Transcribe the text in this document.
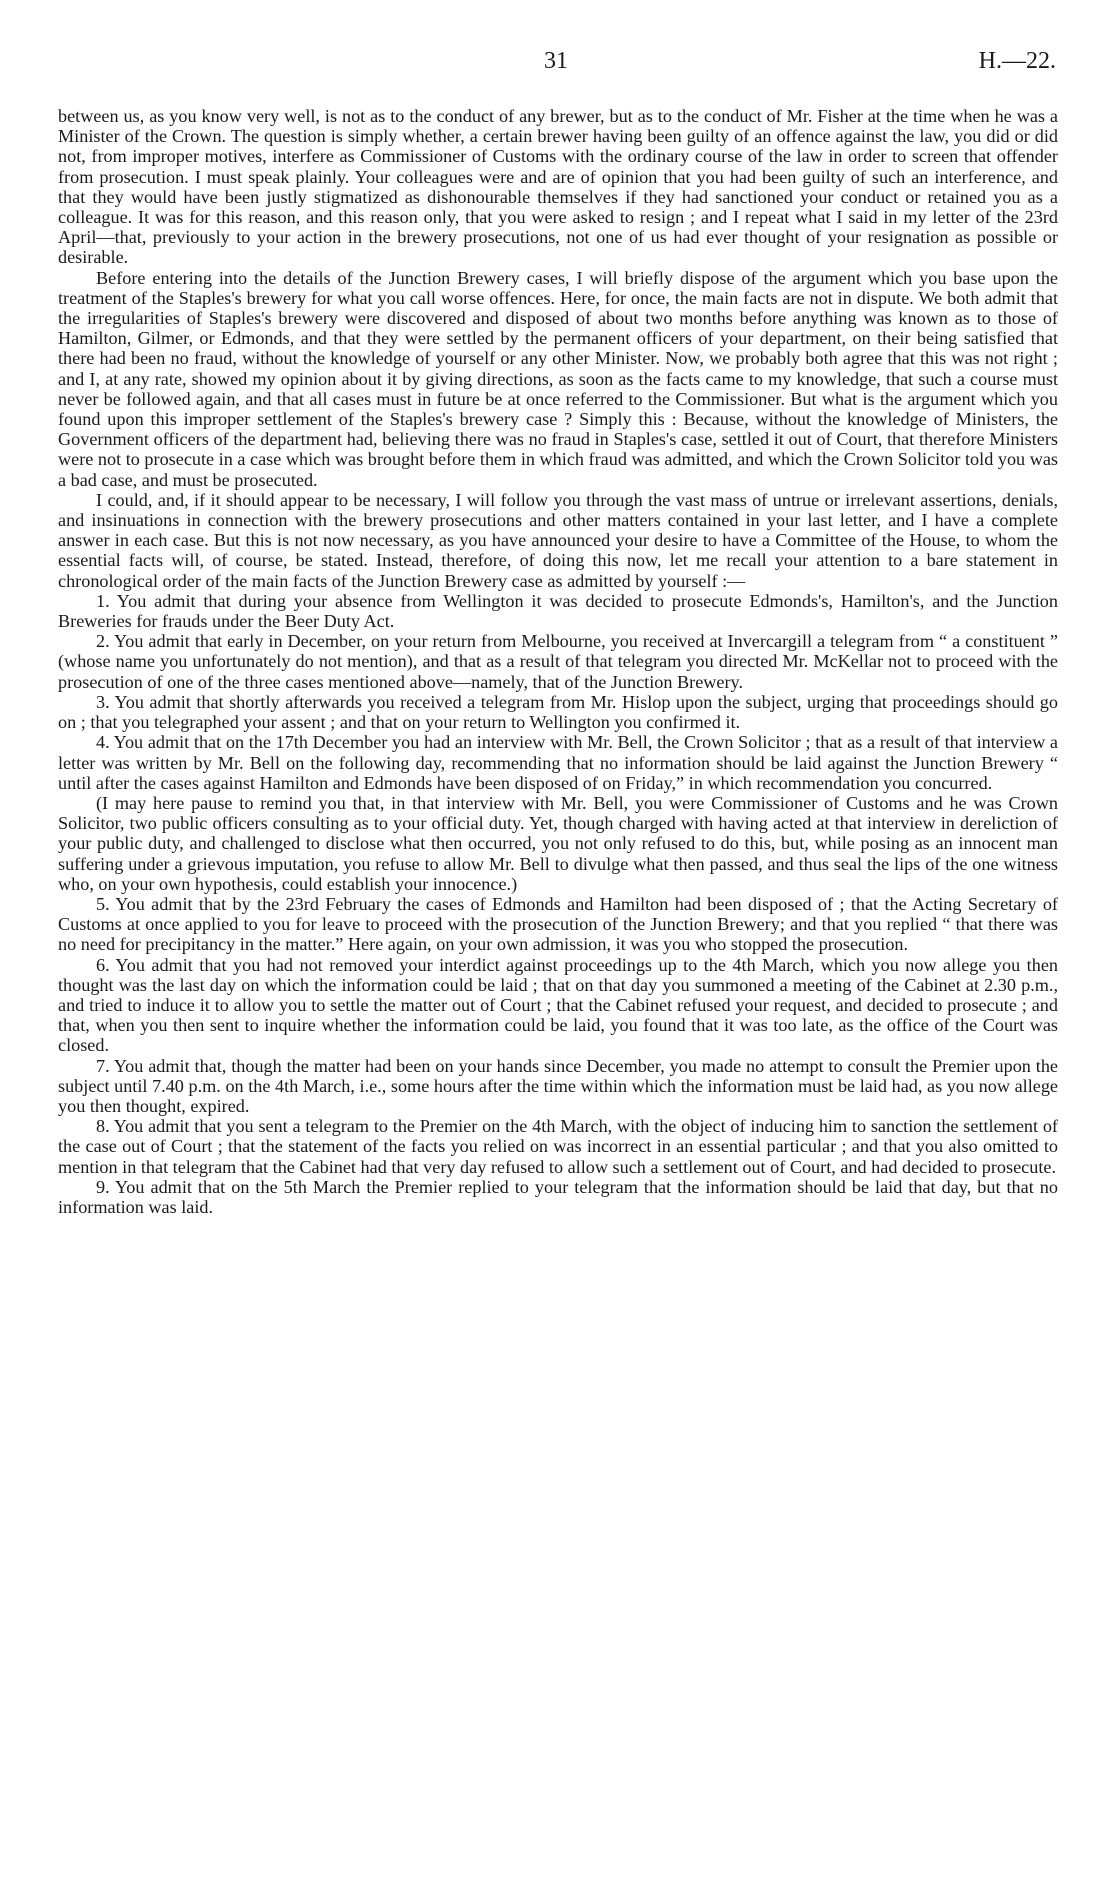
31	H.—22.

between us, as you know very well, is not as to the conduct of any brewer, but as to the conduct of Mr. Fisher at the time when he was a Minister of the Crown. The question is simply whether, a certain brewer having been guilty of an offence against the law, you did or did not, from improper motives, interfere as Commissioner of Customs with the ordinary course of the law in order to screen that offender from prosecution. I must speak plainly. Your colleagues were and are of opinion that you had been guilty of such an interference, and that they would have been justly stigmatized as dishonourable themselves if they had sanctioned your conduct or retained you as a colleague. It was for this reason, and this reason only, that you were asked to resign ; and I repeat what I said in my letter of the 23rd April—that, previously to your action in the brewery prosecutions, not one of us had ever thought of your resignation as possible or desirable.

Before entering into the details of the Junction Brewery cases, I will briefly dispose of the argument which you base upon the treatment of the Staples's brewery for what you call worse offences. Here, for once, the main facts are not in dispute. We both admit that the irregularities of Staples's brewery were discovered and disposed of about two months before anything was known as to those of Hamilton, Gilmer, or Edmonds, and that they were settled by the permanent officers of your department, on their being satisfied that there had been no fraud, without the knowledge of yourself or any other Minister. Now, we probably both agree that this was not right ; and I, at any rate, showed my opinion about it by giving directions, as soon as the facts came to my knowledge, that such a course must never be followed again, and that all cases must in future be at once referred to the Commissioner. But what is the argument which you found upon this improper settlement of the Staples's brewery case ? Simply this : Because, without the knowledge of Ministers, the Government officers of the department had, believing there was no fraud in Staples's case, settled it out of Court, that therefore Ministers were not to prosecute in a case which was brought before them in which fraud was admitted, and which the Crown Solicitor told you was a bad case, and must be prosecuted.

I could, and, if it should appear to be necessary, I will follow you through the vast mass of untrue or irrelevant assertions, denials, and insinuations in connection with the brewery prosecutions and other matters contained in your last letter, and I have a complete answer in each case. But this is not now necessary, as you have announced your desire to have a Committee of the House, to whom the essential facts will, of course, be stated. Instead, therefore, of doing this now, let me recall your attention to a bare statement in chronological order of the main facts of the Junction Brewery case as admitted by yourself :—

1. You admit that during your absence from Wellington it was decided to prosecute Edmonds's, Hamilton's, and the Junction Breweries for frauds under the Beer Duty Act.

2. You admit that early in December, on your return from Melbourne, you received at Invercargill a telegram from “ a constituent ” (whose name you unfortunately do not mention), and that as a result of that telegram you directed Mr. McKellar not to proceed with the prosecution of one of the three cases mentioned above—namely, that of the Junction Brewery.

3. You admit that shortly afterwards you received a telegram from Mr. Hislop upon the subject, urging that proceedings should go on ; that you telegraphed your assent ; and that on your return to Wellington you confirmed it.

4. You admit that on the 17th December you had an interview with Mr. Bell, the Crown Solicitor ; that as a result of that interview a letter was written by Mr. Bell on the following day, recommending that no information should be laid against the Junction Brewery “ until after the cases against Hamilton and Edmonds have been disposed of on Friday,” in which recommendation you concurred.

(I may here pause to remind you that, in that interview with Mr. Bell, you were Commissioner of Customs and he was Crown Solicitor, two public officers consulting as to your official duty. Yet, though charged with having acted at that interview in dereliction of your public duty, and challenged to disclose what then occurred, you not only refused to do this, but, while posing as an innocent man suffering under a grievous imputation, you refuse to allow Mr. Bell to divulge what then passed, and thus seal the lips of the one witness who, on your own hypothesis, could establish your innocence.)

5. You admit that by the 23rd February the cases of Edmonds and Hamilton had been disposed of ; that the Acting Secretary of Customs at once applied to you for leave to proceed with the prosecution of the Junction Brewery; and that you replied “ that there was no need for precipitancy in the matter.” Here again, on your own admission, it was you who stopped the prosecution.

6. You admit that you had not removed your interdict against proceedings up to the 4th March, which you now allege you then thought was the last day on which the information could be laid ; that on that day you summoned a meeting of the Cabinet at 2.30 p.m., and tried to induce it to allow you to settle the matter out of Court ; that the Cabinet refused your request, and decided to prosecute ; and that, when you then sent to inquire whether the information could be laid, you found that it was too late, as the office of the Court was closed.

7. You admit that, though the matter had been on your hands since December, you made no attempt to consult the Premier upon the subject until 7.40 p.m. on the 4th March, i.e., some hours after the time within which the information must be laid had, as you now allege you then thought, expired.

8. You admit that you sent a telegram to the Premier on the 4th March, with the object of inducing him to sanction the settlement of the case out of Court ; that the statement of the facts you relied on was incorrect in an essential particular ; and that you also omitted to mention in that telegram that the Cabinet had that very day refused to allow such a settlement out of Court, and had decided to prosecute.

9. You admit that on the 5th March the Premier replied to your telegram that the information should be laid that day, but that no information was laid.
